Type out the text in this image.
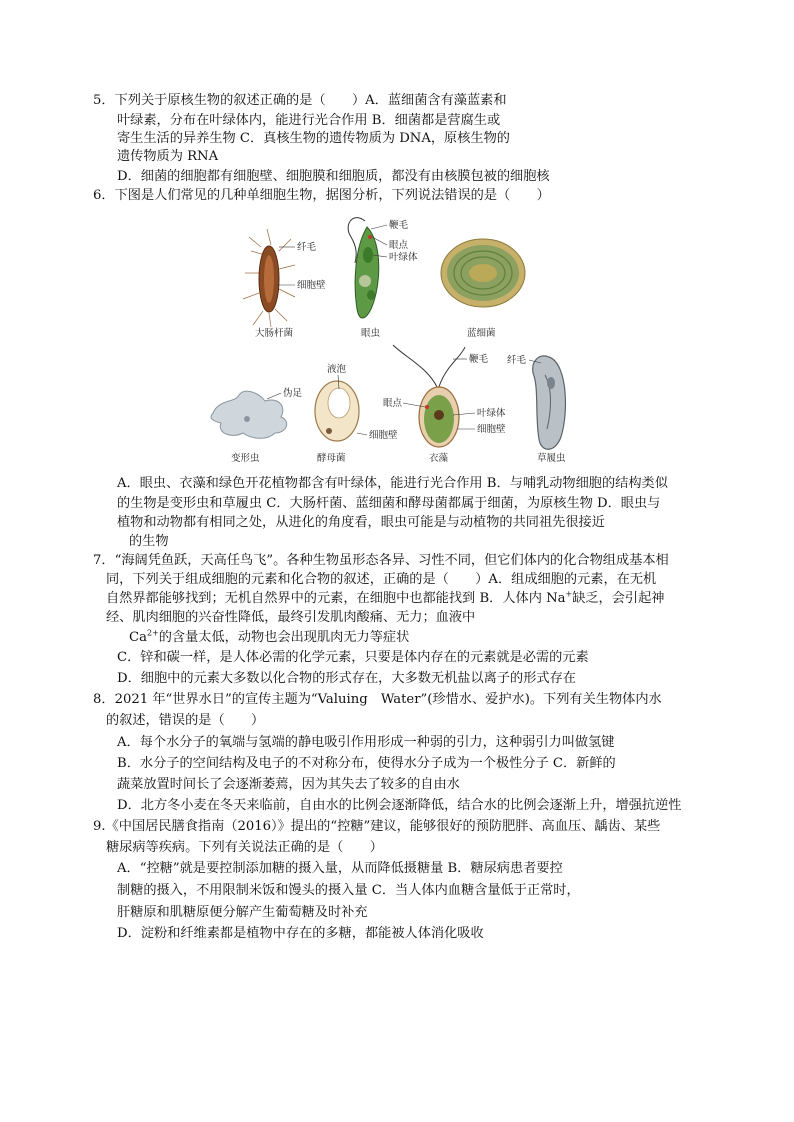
5．下列关于原核生物的叙述正确的是（　　）A．蓝细菌含有藻蓝素和
叶绿素，分布在叶绿体内，能进行光合作用 B．细菌都是营腐生或
寄生生活的异养生物 C．真核生物的遗传物质为 DNA，原核生物的
遗传物质为 RNA
D．细菌的细胞都有细胞壁、细胞膜和细胞质，都没有由核膜包被的细胞核
6．下图是人们常见的几种单细胞生物，据图分析，下列说法错误的是（　　）
纤毛
细胞壁
大肠杆菌
鞭毛
眼点
叶绿体
眼虫	蓝细菌
伪足
变形虫
液泡
细胞壁
酵母菌
鞭毛
眼点
叶绿体
细胞壁
衣藻
纤毛
草履虫
A．眼虫、衣藻和绿色开花植物都含有叶绿体，能进行光合作用 B．与哺乳动物细胞的结构类似
的生物是变形虫和草履虫 C．大肠杆菌、蓝细菌和酵母菌都属于细菌，为原核生物 D．眼虫与
植物和动物都有相同之处，从进化的角度看，眼虫可能是与动植物的共同祖先很接近
的生物
7．“海阔凭鱼跃，天高任鸟飞”。各种生物虽形态各异、习性不同，但它们体内的化合物组成基本相
同，下列关于组成细胞的元素和化合物的叙述，正确的是（　　）A．组成细胞的元素，在无机
自然界都能够找到；无机自然界中的元素，在细胞中也都能找到 B．人体内 Na+缺乏，会引起神
经、肌肉细胞的兴奋性降低，最终引发肌肉酸痛、无力；血液中
$Ca^{2+}$的含量太低，动物也会出现肌肉无力等症状
C．锌和碳一样，是人体必需的化学元素，只要是体内存在的元素就是必需的元素
D．细胞中的元素大多数以化合物的形式存在，大多数无机盐以离子的形式存在
8．2021 年“世界水日”的宣传主题为“Valuing　Water”(珍惜水、爱护水)。下列有关生物体内水
的叙述，错误的是（　　）
A．每个水分子的氧端与氢端的静电吸引作用形成一种弱的引力，这种弱引力叫做氢键
B．水分子的空间结构及电子的不对称分布，使得水分子成为一个极性分子 C．新鲜的
蔬菜放置时间长了会逐渐萎蔫，因为其失去了较多的自由水
D．北方冬小麦在冬天来临前，自由水的比例会逐渐降低，结合水的比例会逐渐上升，增强抗逆性
9.《中国居民膳食指南（2016）》提出的“控糖”建议，能够很好的预防肥胖、高血压、龋齿、某些
糖尿病等疾病。下列有关说法正确的是（　　）
A．“控糖”就是要控制添加糖的摄入量，从而降低摄糖量 B．糖尿病患者要控
制糖的摄入，不用限制米饭和馒头的摄入量 C．当人体内血糖含量低于正常时，
肝糖原和肌糖原便分解产生葡萄糖及时补充
D．淀粉和纤维素都是植物中存在的多糖，都能被人体消化吸收
